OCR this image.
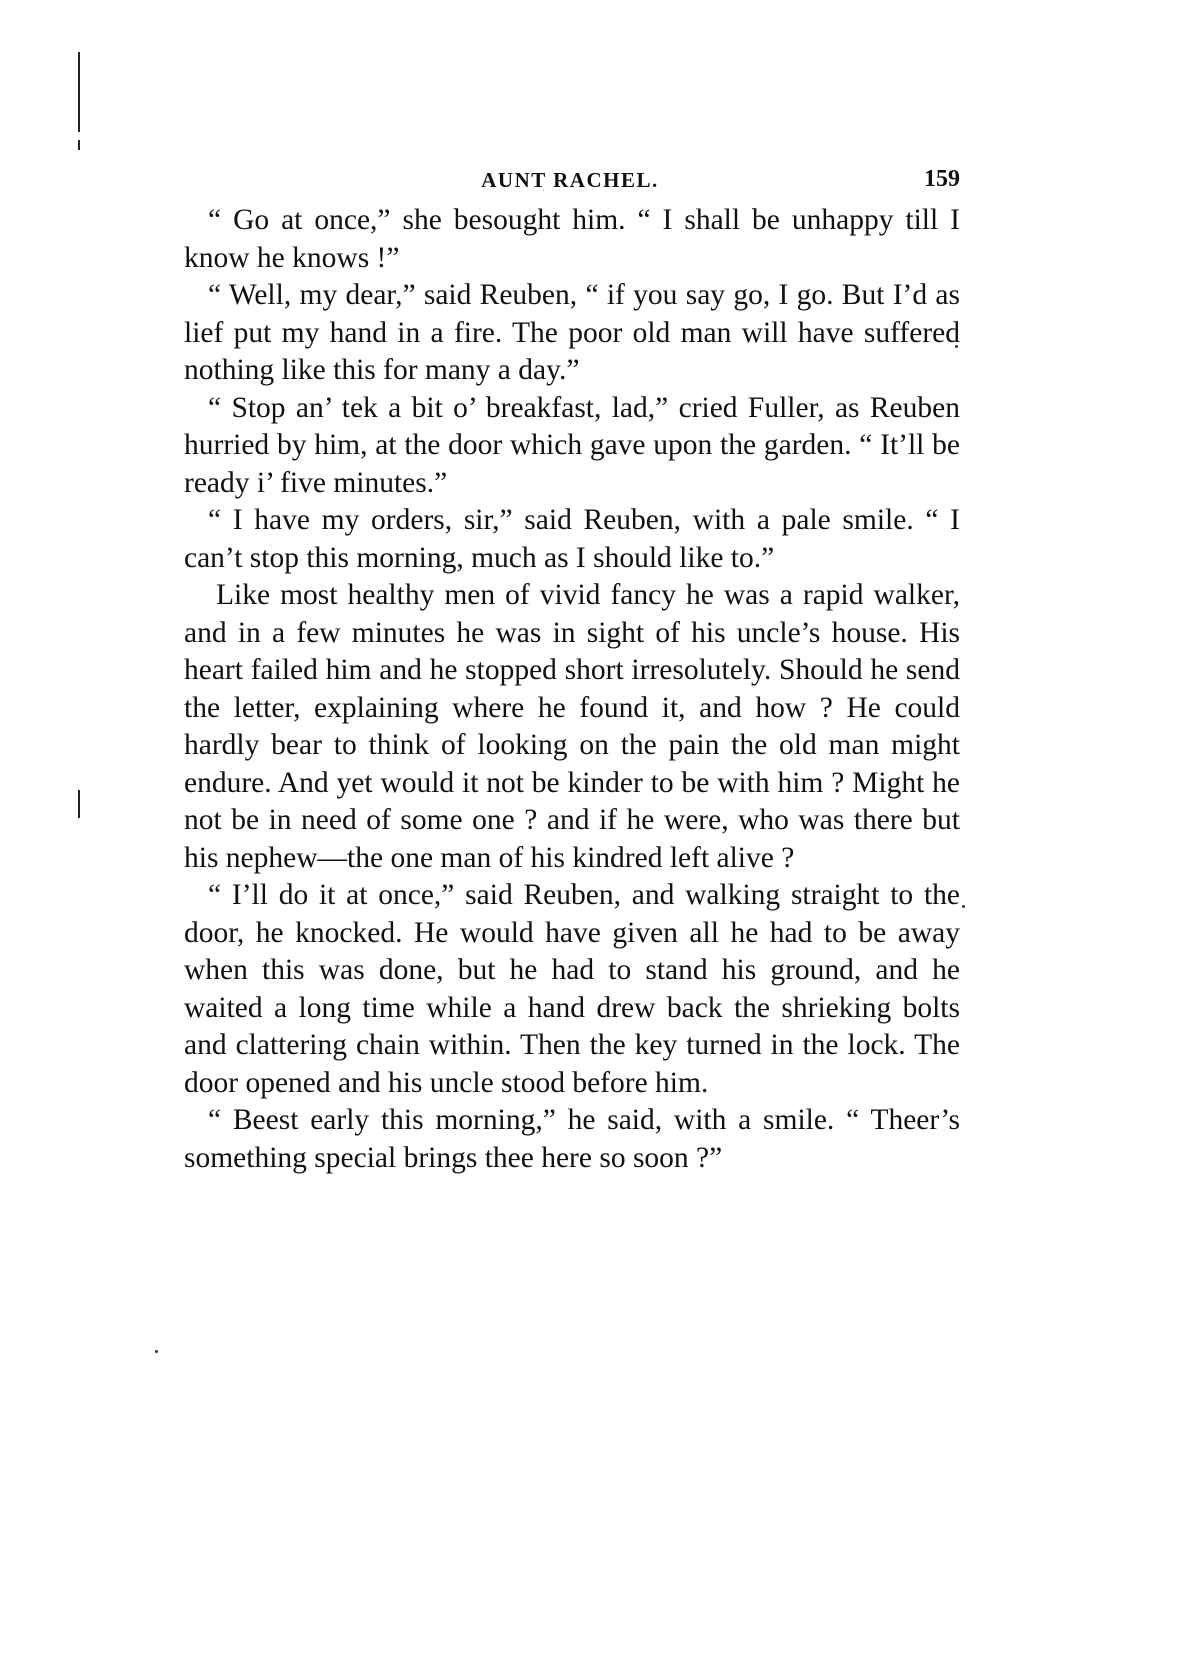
AUNT RACHEL.	159

“ Go at once,” she besought him. “ I shall be unhappy till I know he knows !”

“ Well, my dear,” said Reuben, “ if you say go, I go. But I’d as lief put my hand in a fire. The poor old man will have suffered nothing like this for many a day.”

“ Stop an’ tek a bit o’ breakfast, lad,” cried Fuller, as Reuben hurried by him, at the door which gave upon the garden. “ It’ll be ready i’ five minutes.”

“ I have my orders, sir,” said Reuben, with a pale smile. “ I can’t stop this morning, much as I should like to.”

Like most healthy men of vivid fancy he was a rapid walker, and in a few minutes he was in sight of his uncle’s house. His heart failed him and he stopped short irresolutely. Should he send the letter, explaining where he found it, and how ? He could hardly bear to think of looking on the pain the old man might endure. And yet would it not be kinder to be with him ? Might he not be in need of some one ? and if he were, who was there but his nephew—the one man of his kindred left alive ?

“ I’ll do it at once,” said Reuben, and walking straight to the door, he knocked. He would have given all he had to be away when this was done, but he had to stand his ground, and he waited a long time while a hand drew back the shrieking bolts and clattering chain within. Then the key turned in the lock. The door opened and his uncle stood before him.

“ Beest early this morning,” he said, with a smile. “ Theer’s something special brings thee here so soon ?”
